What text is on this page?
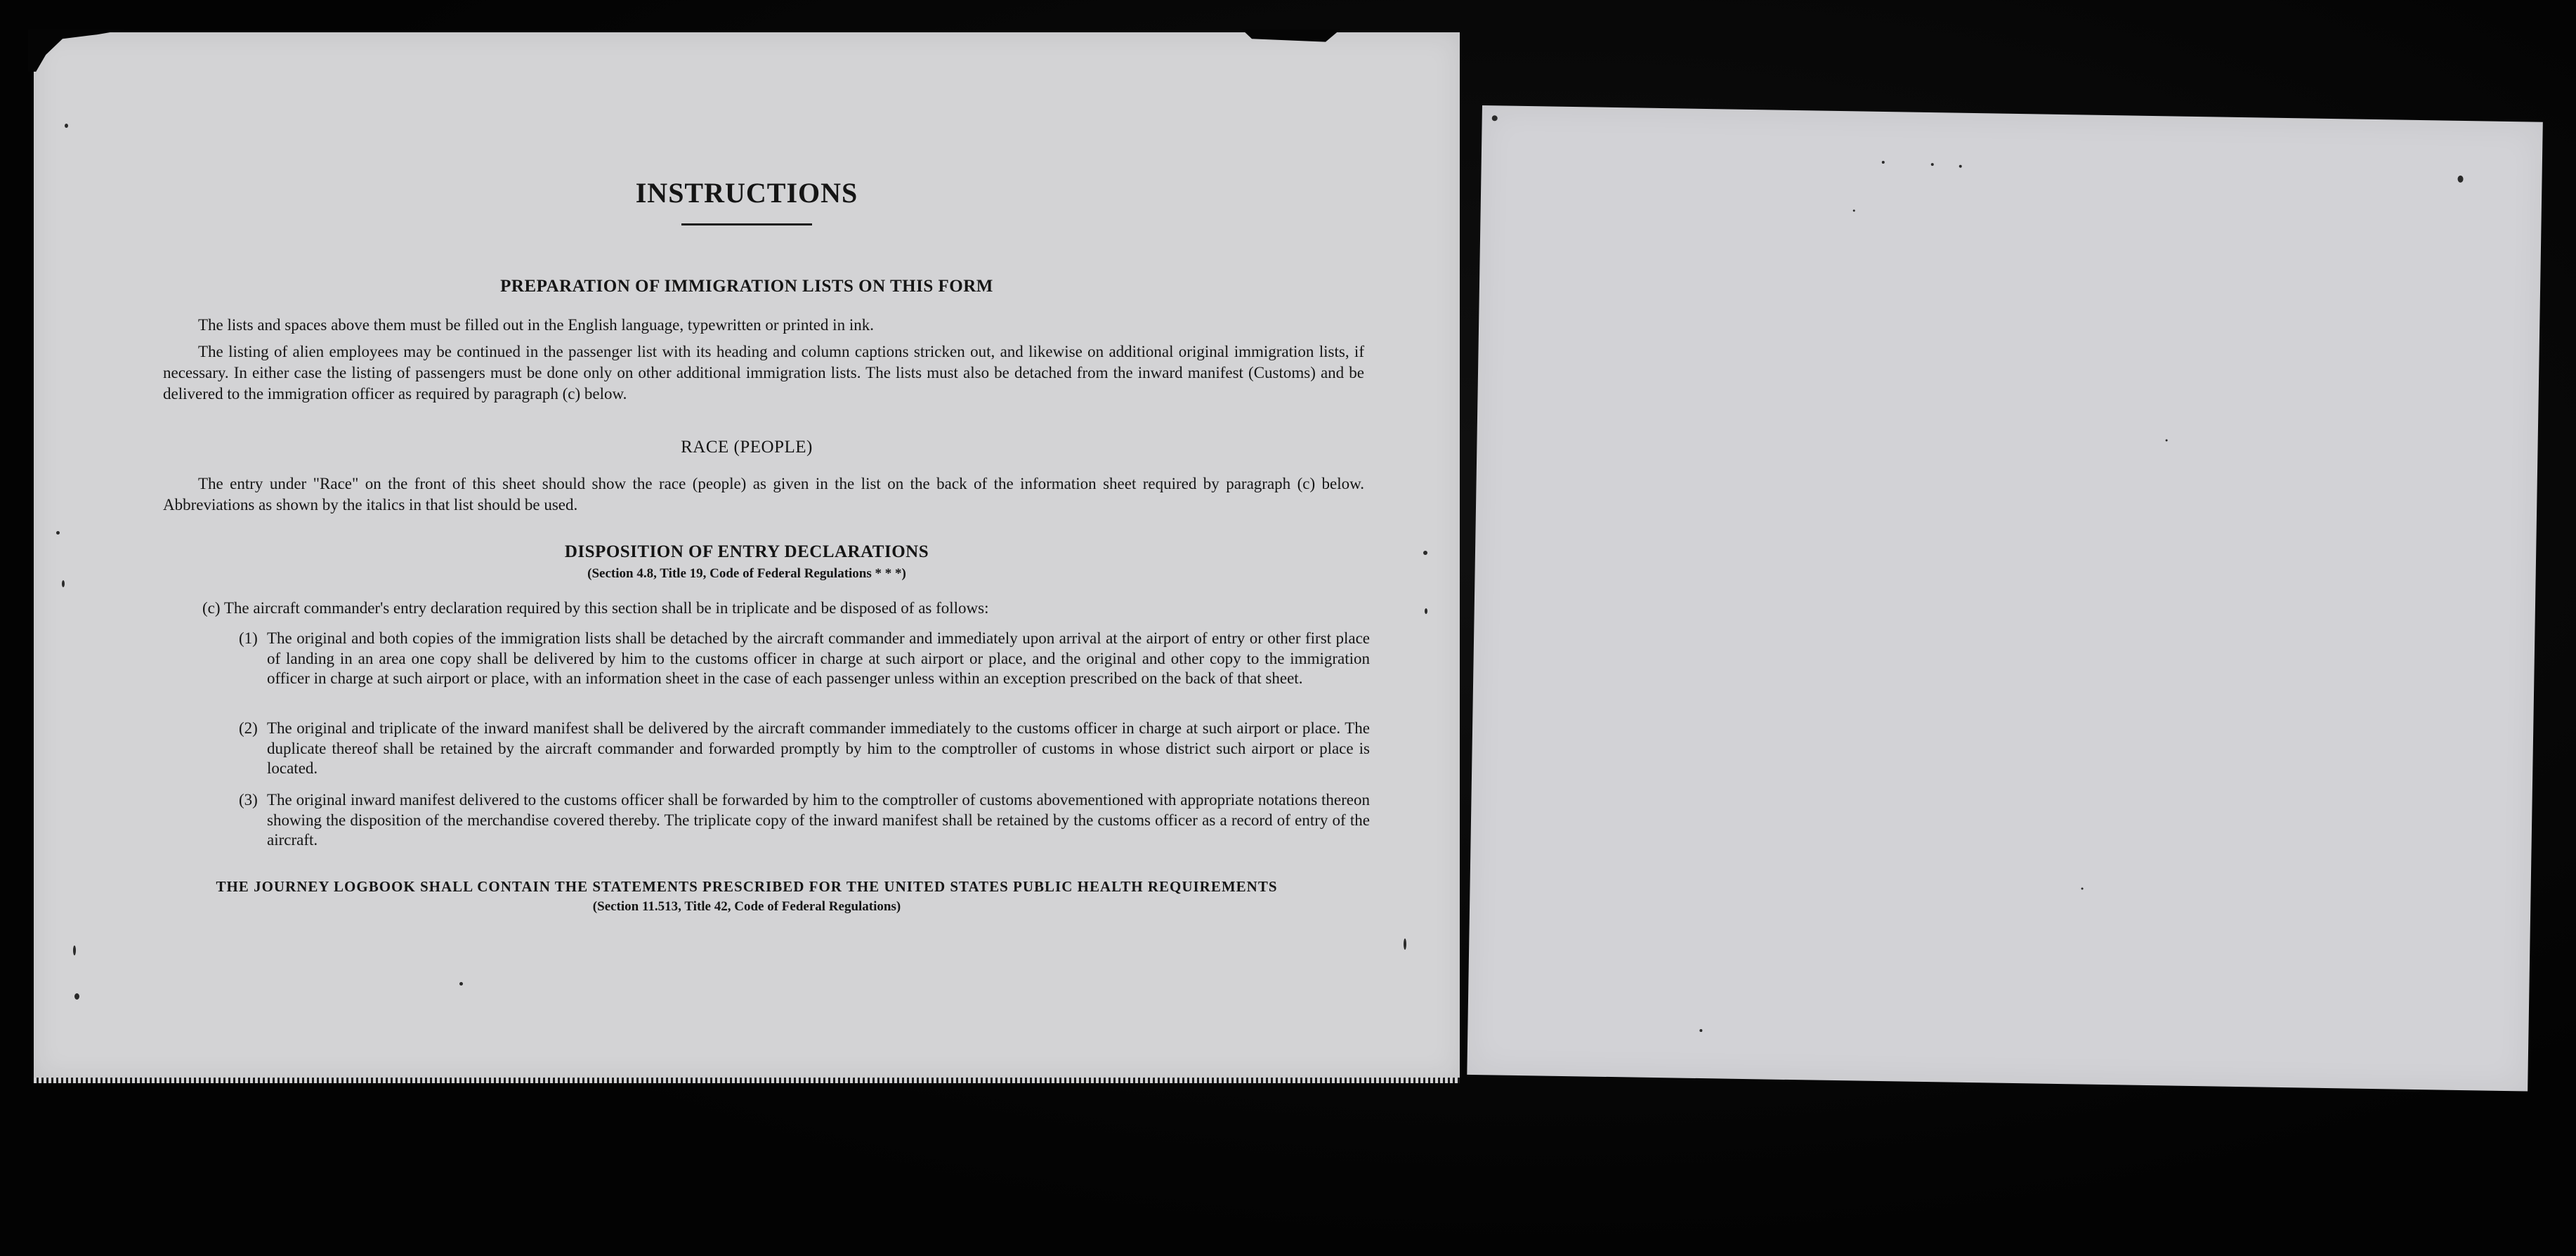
INSTRUCTIONS
PREPARATION OF IMMIGRATION LISTS ON THIS FORM
The lists and spaces above them must be filled out in the English language, typewritten or printed in ink.
The listing of alien employees may be continued in the passenger list with its heading and column captions stricken out, and likewise on additional original immigration lists, if necessary. In either case the listing of passengers must be done only on other additional immigration lists. The lists must also be detached from the inward manifest (Customs) and be delivered to the immigration officer as required by paragraph (c) below.
RACE (PEOPLE)
The entry under "Race" on the front of this sheet should show the race (people) as given in the list on the back of the information sheet required by paragraph (c) below. Abbreviations as shown by the italics in that list should be used.
DISPOSITION OF ENTRY DECLARATIONS
(Section 4.8, Title 19, Code of Federal Regulations * * *)
(c) The aircraft commander's entry declaration required by this section shall be in triplicate and be disposed of as follows:
(1) The original and both copies of the immigration lists shall be detached by the aircraft commander and immediately upon arrival at the airport of entry or other first place of landing in an area one copy shall be delivered by him to the customs officer in charge at such airport or place, and the original and other copy to the immigration officer in charge at such airport or place, with an information sheet in the case of each passenger unless within an exception prescribed on the back of that sheet.
(2) The original and triplicate of the inward manifest shall be delivered by the aircraft commander immediately to the customs officer in charge at such airport or place. The duplicate thereof shall be retained by the aircraft commander and forwarded promptly by him to the comptroller of customs in whose district such airport or place is located.
(3) The original inward manifest delivered to the customs officer shall be forwarded by him to the comptroller of customs abovementioned with appropriate notations thereon showing the disposition of the merchandise covered thereby. The triplicate copy of the inward manifest shall be retained by the customs officer as a record of entry of the aircraft.
THE JOURNEY LOGBOOK SHALL CONTAIN THE STATEMENTS PRESCRIBED FOR THE UNITED STATES PUBLIC HEALTH REQUIREMENTS
(Section 11.513, Title 42, Code of Federal Regulations)
